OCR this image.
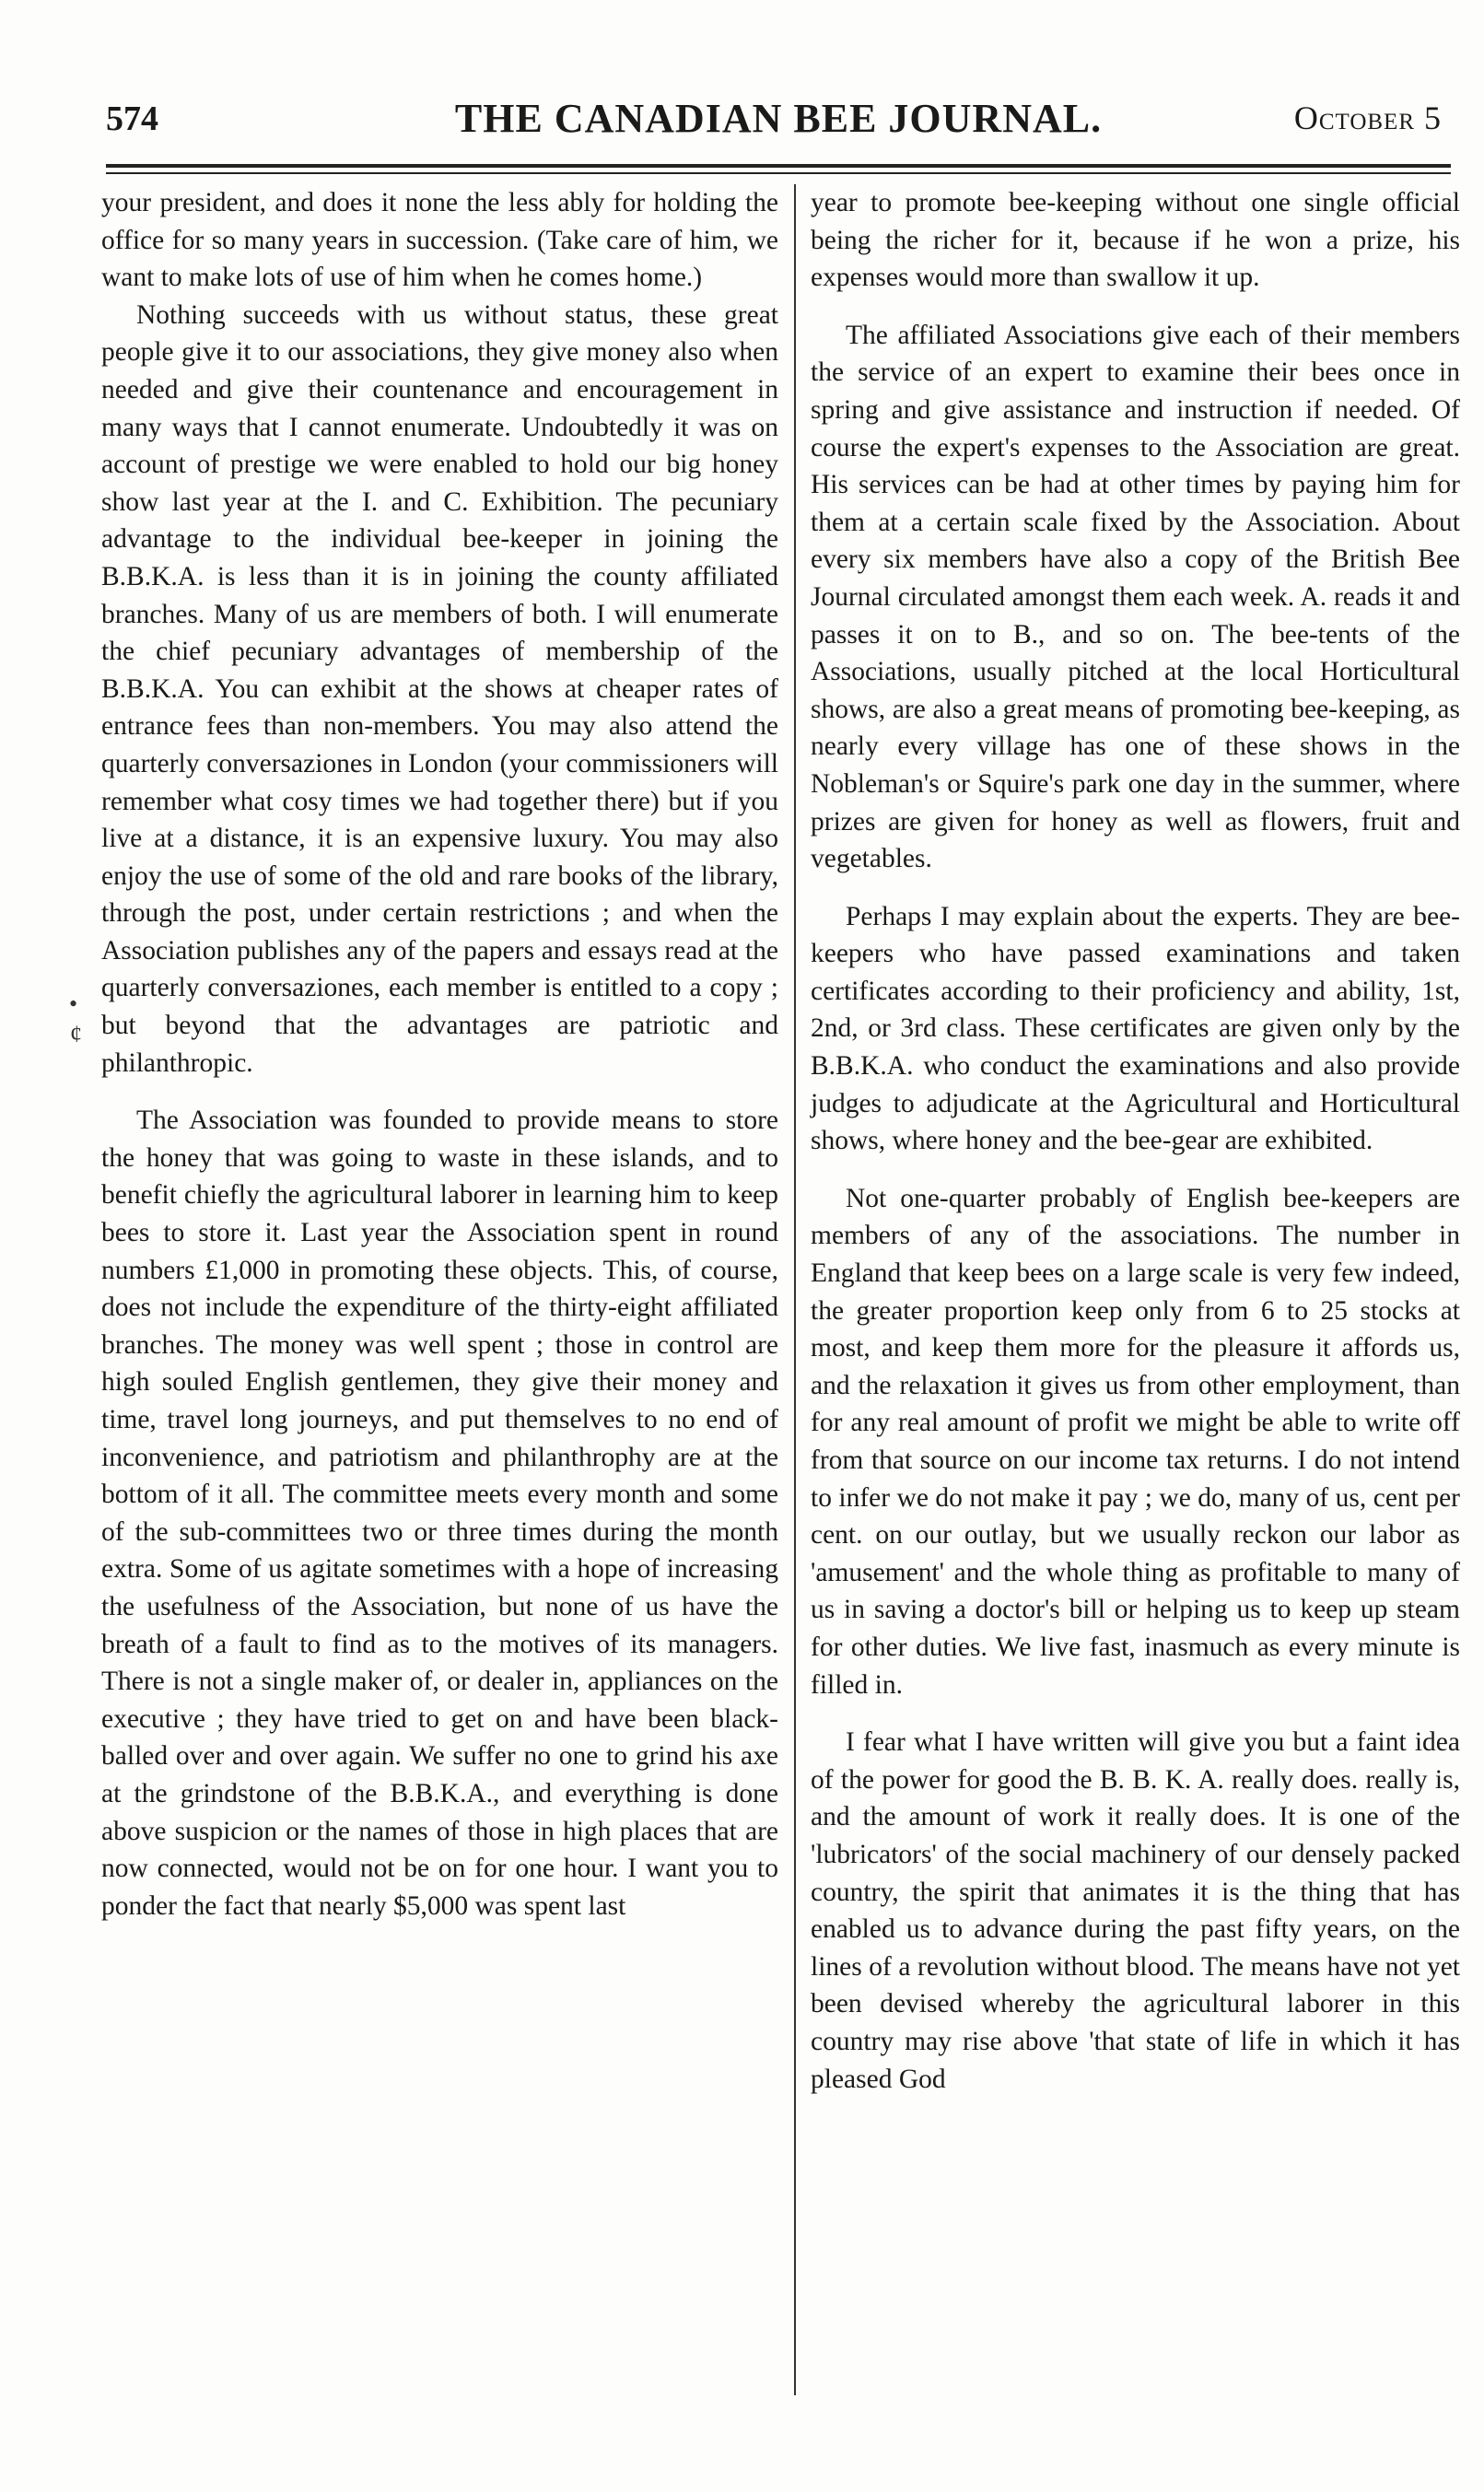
574	THE CANADIAN BEE JOURNAL.	October 5
•
¢

your president, and does it none the less ably for holding the office for so many years in succession. (Take care of him, we want to make lots of use of him when he comes home.)

Nothing succeeds with us without status, these great people give it to our associations, they give money also when needed and give their countenance and encouragement in many ways that I cannot enumerate. Undoubtedly it was on account of prestige we were enabled to hold our big honey show last year at the I. and C. Exhibition. The pecuniary advantage to the individual bee-keeper in joining the B.B.K.A. is less than it is in joining the county affiliated branches. Many of us are members of both. I will enumerate the chief pecuniary advantages of membership of the B.B.K.A. You can exhibit at the shows at cheaper rates of entrance fees than non-members. You may also attend the quarterly conversaziones in London (your commissioners will remember what cosy times we had together there) but if you live at a distance, it is an expensive luxury. You may also enjoy the use of some of the old and rare books of the library, through the post, under certain restrictions ; and when the Association publishes any of the papers and essays read at the quarterly conversaziones, each member is entitled to a copy ; but beyond that the advantages are patriotic and philanthropic.

The Association was founded to provide means to store the honey that was going to waste in these islands, and to benefit chiefly the agricultural laborer in learning him to keep bees to store it. Last year the Association spent in round numbers £1,000 in promoting these objects. This, of course, does not include the expenditure of the thirty-eight affiliated branches. The money was well spent ; those in control are high souled English gentlemen, they give their money and time, travel long journeys, and put themselves to no end of inconvenience, and patriotism and philanthrophy are at the bottom of it all. The committee meets every month and some of the sub-committees two or three times during the month extra. Some of us agitate sometimes with a hope of increasing the usefulness of the Association, but none of us have the breath of a fault to find as to the motives of its managers. There is not a single maker of, or dealer in, appliances on the executive ; they have tried to get on and have been black-balled over and over again. We suffer no one to grind his axe at the grindstone of the B.B.K.A., and everything is done above suspicion or the names of those in high places that are now connected, would not be on for one hour. I want you to ponder the fact that nearly $5,000 was spent last

year to promote bee-keeping without one single official being the richer for it, because if he won a prize, his expenses would more than swallow it up.

The affiliated Associations give each of their members the service of an expert to examine their bees once in spring and give assistance and instruction if needed. Of course the expert's expenses to the Association are great. His services can be had at other times by paying him for them at a certain scale fixed by the Association. About every six members have also a copy of the British Bee Journal circulated amongst them each week. A. reads it and passes it on to B., and so on. The bee-tents of the Associations, usually pitched at the local Horticultural shows, are also a great means of promoting bee-keeping, as nearly every village has one of these shows in the Nobleman's or Squire's park one day in the summer, where prizes are given for honey as well as flowers, fruit and vegetables.

Perhaps I may explain about the experts. They are bee-keepers who have passed examinations and taken certificates according to their proficiency and ability, 1st, 2nd, or 3rd class. These certificates are given only by the B.B.K.A. who conduct the examinations and also provide judges to adjudicate at the Agricultural and Horticultural shows, where honey and the bee-gear are exhibited.

Not one-quarter probably of English bee-keepers are members of any of the associations. The number in England that keep bees on a large scale is very few indeed, the greater proportion keep only from 6 to 25 stocks at most, and keep them more for the pleasure it affords us, and the relaxation it gives us from other employment, than for any real amount of profit we might be able to write off from that source on our income tax returns. I do not intend to infer we do not make it pay ; we do, many of us, cent per cent. on our outlay, but we usually reckon our labor as 'amusement' and the whole thing as profitable to many of us in saving a doctor's bill or helping us to keep up steam for other duties. We live fast, inasmuch as every minute is filled in.

I fear what I have written will give you but a faint idea of the power for good the B. B. K. A. really does. really is, and the amount of work it really does. It is one of the 'lubricators' of the social machinery of our densely packed country, the spirit that animates it is the thing that has enabled us to advance during the past fifty years, on the lines of a revolution without blood. The means have not yet been devised whereby the agricultural laborer in this country may rise above 'that state of life in which it has pleased God
